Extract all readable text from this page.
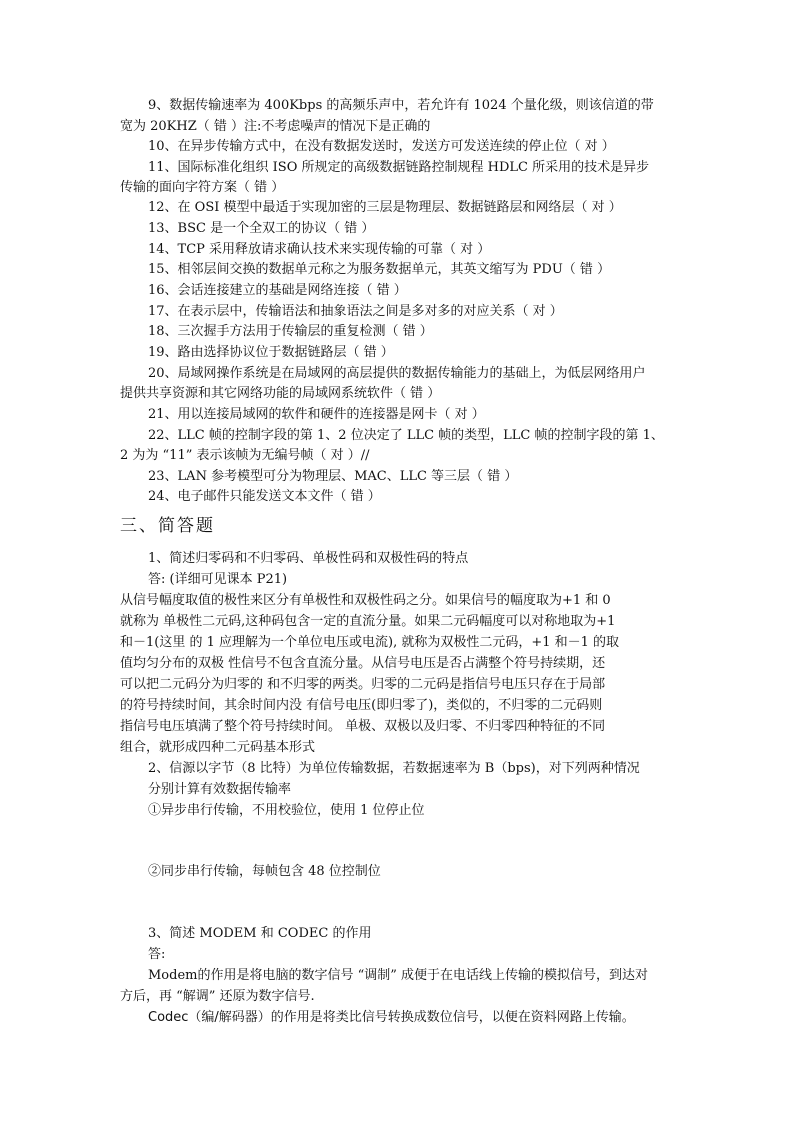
9、数据传输速率为 400Kbps 的高频乐声中，若允许有 1024 个量化级，则该信道的带
宽为 20KHZ（ 错 ）注:不考虑噪声的情况下是正确的
10、在异步传输方式中，在没有数据发送时，发送方可发送连续的停止位（ 对 ）
11、国际标准化组织 ISO 所规定的高级数据链路控制规程 HDLC 所采用的技术是异步
传输的面向字符方案（ 错 ）
12、在 OSI 模型中最适于实现加密的三层是物理层、数据链路层和网络层（ 对 ）
13、BSC 是一个全双工的协议（ 错 ）
14、TCP 采用释放请求确认技术来实现传输的可靠（ 对 ）
15、相邻层间交换的数据单元称之为服务数据单元，其英文缩写为 PDU（ 错 ）
16、会话连接建立的基础是网络连接（ 错 ）
17、在表示层中，传输语法和抽象语法之间是多对多的对应关系（ 对 ）
18、三次握手方法用于传输层的重复检测（ 错 ）
19、路由选择协议位于数据链路层（ 错 ）
20、局域网操作系统是在局域网的高层提供的数据传输能力的基础上，为低层网络用户
提供共享资源和其它网络功能的局域网系统软件（ 错 ）
21、用以连接局域网的软件和硬件的连接器是网卡（ 对 ）
22、LLC 帧的控制字段的第 1、2 位决定了 LLC 帧的类型，LLC 帧的控制字段的第 1、
2 为为 “11” 表示该帧为无编号帧（ 对 ）//
23、LAN 参考模型可分为物理层、MAC、LLC 等三层（ 错 ）
24、电子邮件只能发送文本文件（ 错 ）
三、简答题
1、简述归零码和不归零码、单极性码和双极性码的特点
答: (详细可见课本 P21)
从信号幅度取值的极性来区分有单极性和双极性码之分。如果信号的幅度取为+1 和 0
就称为 单极性二元码,这种码包含一定的直流分量。如果二元码幅度可以对称地取为+1
和－1(这里 的 1 应理解为一个单位电压或电流), 就称为双极性二元码，+1 和－1 的取
值均匀分布的双极 性信号不包含直流分量。从信号电压是否占满整个符号持续期，还
可以把二元码分为归零的 和不归零的两类。归零的二元码是指信号电压只存在于局部
的符号持续时间，其余时间内没 有信号电压(即归零了)，类似的，不归零的二元码则
指信号电压填满了整个符号持续时间。 单极、双极以及归零、不归零四种特征的不同
组合，就形成四种二元码基本形式
2、信源以字节（8 比特）为单位传输数据，若数据速率为 B（bps)，对下列两种情况
分别计算有效数据传输率
①异步串行传输，不用校验位，使用 1 位停止位
②同步串行传输，每帧包含 48 位控制位
3、简述 MODEM 和 CODEC 的作用
答:
Modem的作用是将电脑的数字信号 “调制” 成便于在电话线上传输的模拟信号，到达对
方后，再 “解调” 还原为数字信号.
Codec（编/解码器）的作用是将类比信号转换成数位信号，以便在资料网路上传输。
